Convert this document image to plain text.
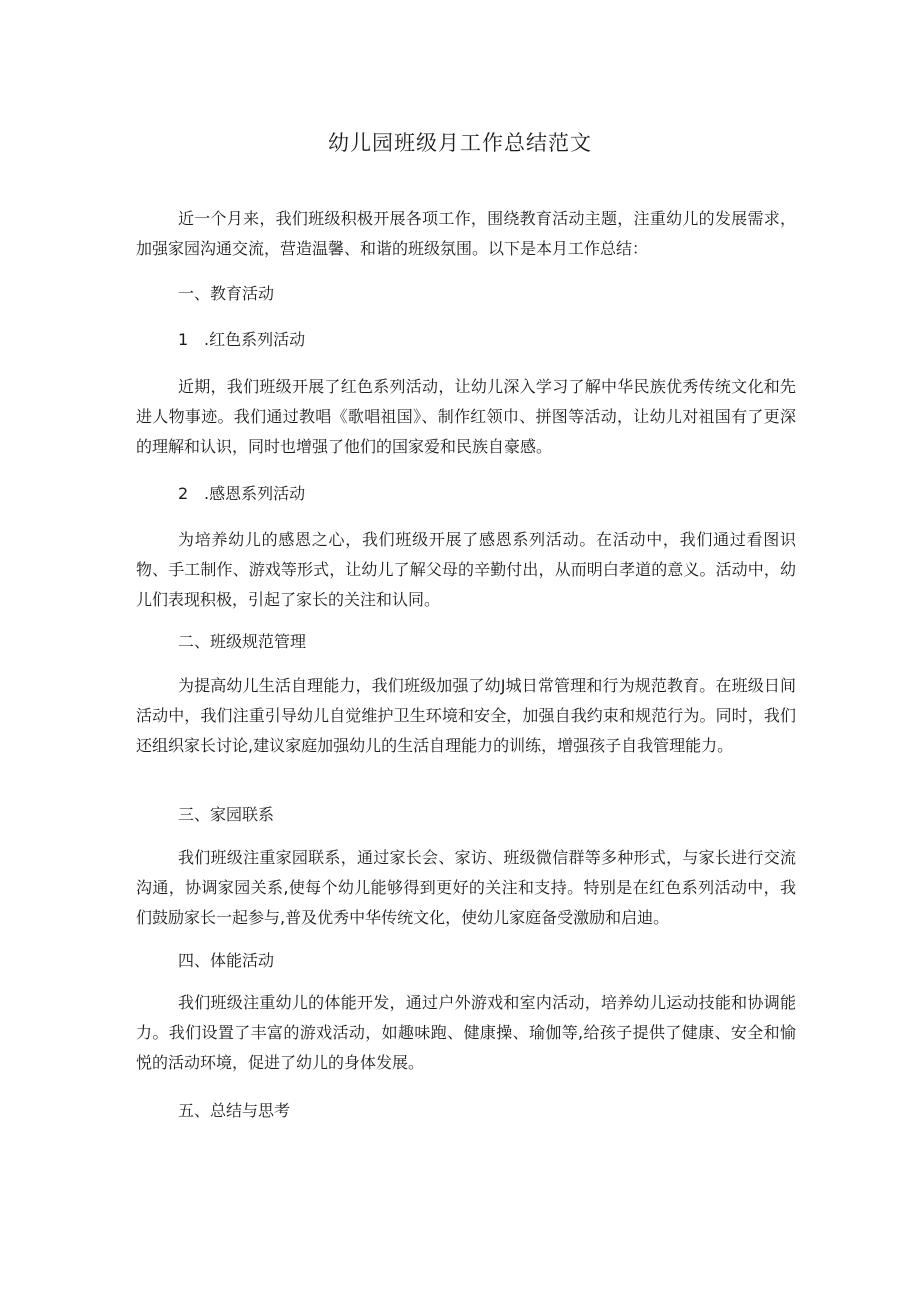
幼儿园班级月工作总结范文

近一个月来，我们班级积极开展各项工作，围绕教育活动主题，注重幼儿的发展需求，加强家园沟通交流，营造温馨、和谐的班级氛围。以下是本月工作总结：

一、教育活动
1 .红色系列活动

近期，我们班级开展了红色系列活动，让幼儿深入学习了解中华民族优秀传统文化和先进人物事迹。我们通过教唱《歌唱祖国》、制作红领巾、拼图等活动，让幼儿对祖国有了更深的理解和认识，同时也增强了他们的国家爱和民族自豪感。

2 .感恩系列活动

为培养幼儿的感恩之心，我们班级开展了感恩系列活动。在活动中，我们通过看图识物、手工制作、游戏等形式，让幼儿了解父母的辛勤付出，从而明白孝道的意义。活动中，幼儿们表现积极，引起了家长的关注和认同。

二、班级规范管理

为提高幼儿生活自理能力，我们班级加强了幼J城日常管理和行为规范教育。在班级日间活动中，我们注重引导幼儿自觉维护卫生环境和安全，加强自我约束和规范行为。同时，我们还组织家长讨论,建议家庭加强幼儿的生活自理能力的训练，增强孩子自我管理能力。

三、家园联系

我们班级注重家园联系，通过家长会、家访、班级微信群等多种形式，与家长进行交流沟通，协调家园关系,使每个幼儿能够得到更好的关注和支持。特别是在红色系列活动中，我们鼓励家长一起参与,普及优秀中华传统文化，使幼儿家庭备受激励和启迪。

四、体能活动

我们班级注重幼儿的体能开发，通过户外游戏和室内活动，培养幼儿运动技能和协调能力。我们设置了丰富的游戏活动，如趣味跑、健康操、瑜伽等,给孩子提供了健康、安全和愉悦的活动环境，促进了幼儿的身体发展。

五、总结与思考
